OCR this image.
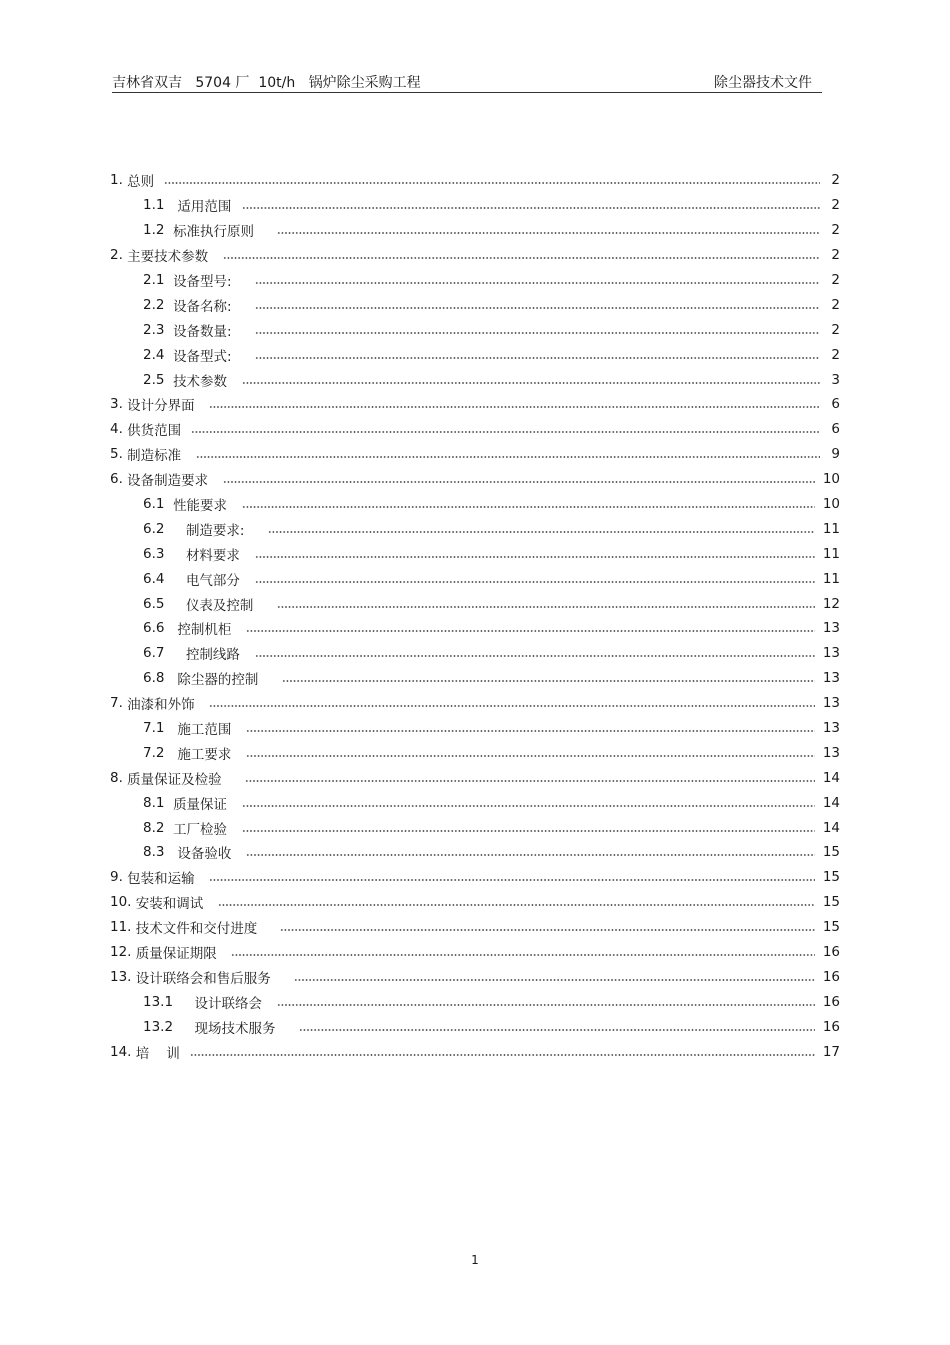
吉林省双吉   5704 厂  10t/h   锅炉除尘采购工程	除尘器技术文件
1. 总则	2
1.1 适用范围	2
1.2 标准执行原则	2
2. 主要技术参数	2
2.1 设备型号:	2
2.2 设备名称:	2
2.3 设备数量:	2
2.4 设备型式:	2
2.5 技术参数	3
3. 设计分界面	6
4. 供货范围	6
5. 制造标准	9
6. 设备制造要求	10
6.1 性能要求	10
6.2 制造要求:	11
6.3 材料要求	11
6.4 电气部分	11
6.5 仪表及控制	12
6.6 控制机柜	13
6.7 控制线路	13
6.8 除尘器的控制	13
7. 油漆和外饰	13
7.1 施工范围	13
7.2 施工要求	13
8. 质量保证及检验	14
8.1 质量保证	14
8.2 工厂检验	14
8.3 设备验收	15
9. 包装和运输	15
10. 安装和调试	15
11. 技术文件和交付进度	15
12. 质量保证期限	16
13. 设计联络会和售后服务	16
13.1 设计联络会	16
13.2 现场技术服务	16
14. 培    训	17
1
